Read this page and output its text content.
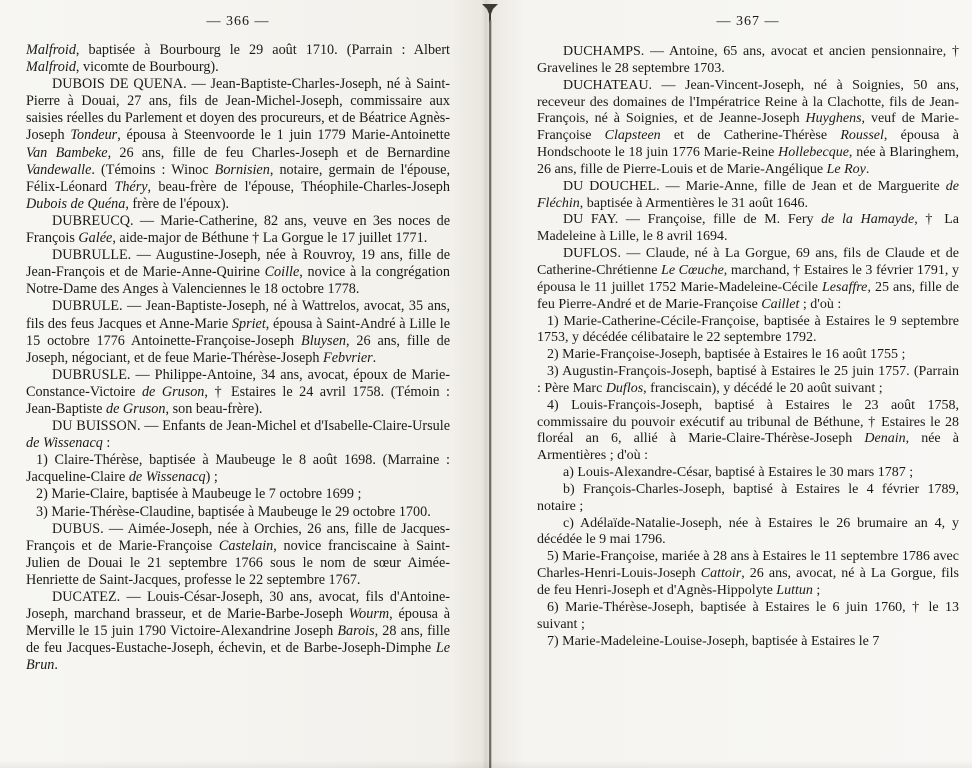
— 366 —

Malfroid, baptisée à Bourbourg le 29 août 1710. (Parrain : Albert Malfroid, vicomte de Bourbourg).

DUBOIS DE QUENA. — Jean-Baptiste-Charles-Joseph, né à Saint-Pierre à Douai, 27 ans, fils de Jean-Michel-Joseph, commissaire aux saisies réelles du Parlement et doyen des procureurs, et de Béatrice Agnès-Joseph Tondeur, épousa à Steenvoorde le 1 juin 1779 Marie-Antoinette Van Bambeke, 26 ans, fille de feu Charles-Joseph et de Bernardine Vandewalle. (Témoins : Winoc Bornisien, notaire, germain de l'épouse, Félix-Léonard Théry, beau-frère de l'épouse, Théophile-Charles-Joseph Dubois de Quéna, frère de l'époux).

DUBREUCQ. — Marie-Catherine, 82 ans, veuve en 3es noces de François Galée, aide-major de Béthune † La Gorgue le 17 juillet 1771.

DUBRULLE. — Augustine-Joseph, née à Rouvroy, 19 ans, fille de Jean-François et de Marie-Anne-Quirine Coille, novice à la congrégation Notre-Dame des Anges à Valenciennes le 18 octobre 1778.

DUBRULE. — Jean-Baptiste-Joseph, né à Wattrelos, avocat, 35 ans, fils des feus Jacques et Anne-Marie Spriet, épousa à Saint-André à Lille le 15 octobre 1776 Antoinette-Françoise-Joseph Bluysen, 26 ans, fille de Joseph, négociant, et de feue Marie-Thérèse-Joseph Febvrier.

DUBRUSLE. — Philippe-Antoine, 34 ans, avocat, époux de Marie-Constance-Victoire de Gruson, † Estaires le 24 avril 1758. (Témoin : Jean-Baptiste de Gruson, son beau-frère).

DU BUISSON. — Enfants de Jean-Michel et d'Isabelle-Claire-Ursule de Wissenacq :

1) Claire-Thérèse, baptisée à Maubeuge le 8 août 1698. (Marraine : Jacqueline-Claire de Wissenacq) ;

2) Marie-Claire, baptisée à Maubeuge le 7 octobre 1699 ;

3) Marie-Thérèse-Claudine, baptisée à Maubeuge le 29 octobre 1700.

DUBUS. — Aimée-Joseph, née à Orchies, 26 ans, fille de Jacques-François et de Marie-Françoise Castelain, novice franciscaine à Saint-Julien de Douai le 21 septembre 1766 sous le nom de sœur Aimée-Henriette de Saint-Jacques, professe le 22 septembre 1767.

DUCATEZ. — Louis-César-Joseph, 30 ans, avocat, fils d'Antoine-Joseph, marchand brasseur, et de Marie-Barbe-Joseph Wourm, épousa à Merville le 15 juin 1790 Victoire-Alexandrine Joseph Barois, 28 ans, fille de feu Jacques-Eustache-Joseph, échevin, et de Barbe-Joseph-Dimphe Le Brun.

— 367 —

DUCHAMPS. — Antoine, 65 ans, avocat et ancien pensionnaire, † Gravelines le 28 septembre 1703.

DUCHATEAU. — Jean-Vincent-Joseph, né à Soignies, 50 ans, receveur des domaines de l'Impératrice Reine à la Clachotte, fils de Jean-François, né à Soignies, et de Jeanne-Joseph Huyghens, veuf de Marie-Françoise Clapsteen et de Catherine-Thérèse Roussel, épousa à Hondschoote le 18 juin 1776 Marie-Reine Hollebecque, née à Blaringhem, 26 ans, fille de Pierre-Louis et de Marie-Angélique Le Roy.

DU DOUCHEL. — Marie-Anne, fille de Jean et de Marguerite de Fléchin, baptisée à Armentières le 31 août 1646.

DU FAY. — Françoise, fille de M. Fery de la Hamayde, † La Madeleine à Lille, le 8 avril 1694.

DUFLOS. — Claude, né à La Gorgue, 69 ans, fils de Claude et de Catherine-Chrétienne Le Cœuche, marchand, † Estaires le 3 février 1791, y épousa le 11 juillet 1752 Marie-Madeleine-Cécile Lesaffre, 25 ans, fille de feu Pierre-André et de Marie-Françoise Caillet ; d'où :

1) Marie-Catherine-Cécile-Françoise, baptisée à Estaires le 9 septembre 1753, y décédée célibataire le 22 septembre 1792.

2) Marie-Françoise-Joseph, baptisée à Estaires le 16 août 1755 ;

3) Augustin-François-Joseph, baptisé à Estaires le 25 juin 1757. (Parrain : Père Marc Duflos, franciscain), y décédé le 20 août suivant ;

4) Louis-François-Joseph, baptisé à Estaires le 23 août 1758, commissaire du pouvoir exécutif au tribunal de Béthune, † Estaires le 28 floréal an 6, allié à Marie-Claire-Thérèse-Joseph Denain, née à Armentières ; d'où :

a) Louis-Alexandre-César, baptisé à Estaires le 30 mars 1787 ;

b) François-Charles-Joseph, baptisé à Estaires le 4 février 1789, notaire ;

c) Adélaïde-Natalie-Joseph, née à Estaires le 26 brumaire an 4, y décédée le 9 mai 1796.

5) Marie-Françoise, mariée à 28 ans à Estaires le 11 septembre 1786 avec Charles-Henri-Louis-Joseph Cattoir, 26 ans, avocat, né à La Gorgue, fils de feu Henri-Joseph et d'Agnès-Hippolyte Luttun ;

6) Marie-Thérèse-Joseph, baptisée à Estaires le 6 juin 1760, † le 13 suivant ;

7) Marie-Madeleine-Louise-Joseph, baptisée à Estaires le 7
